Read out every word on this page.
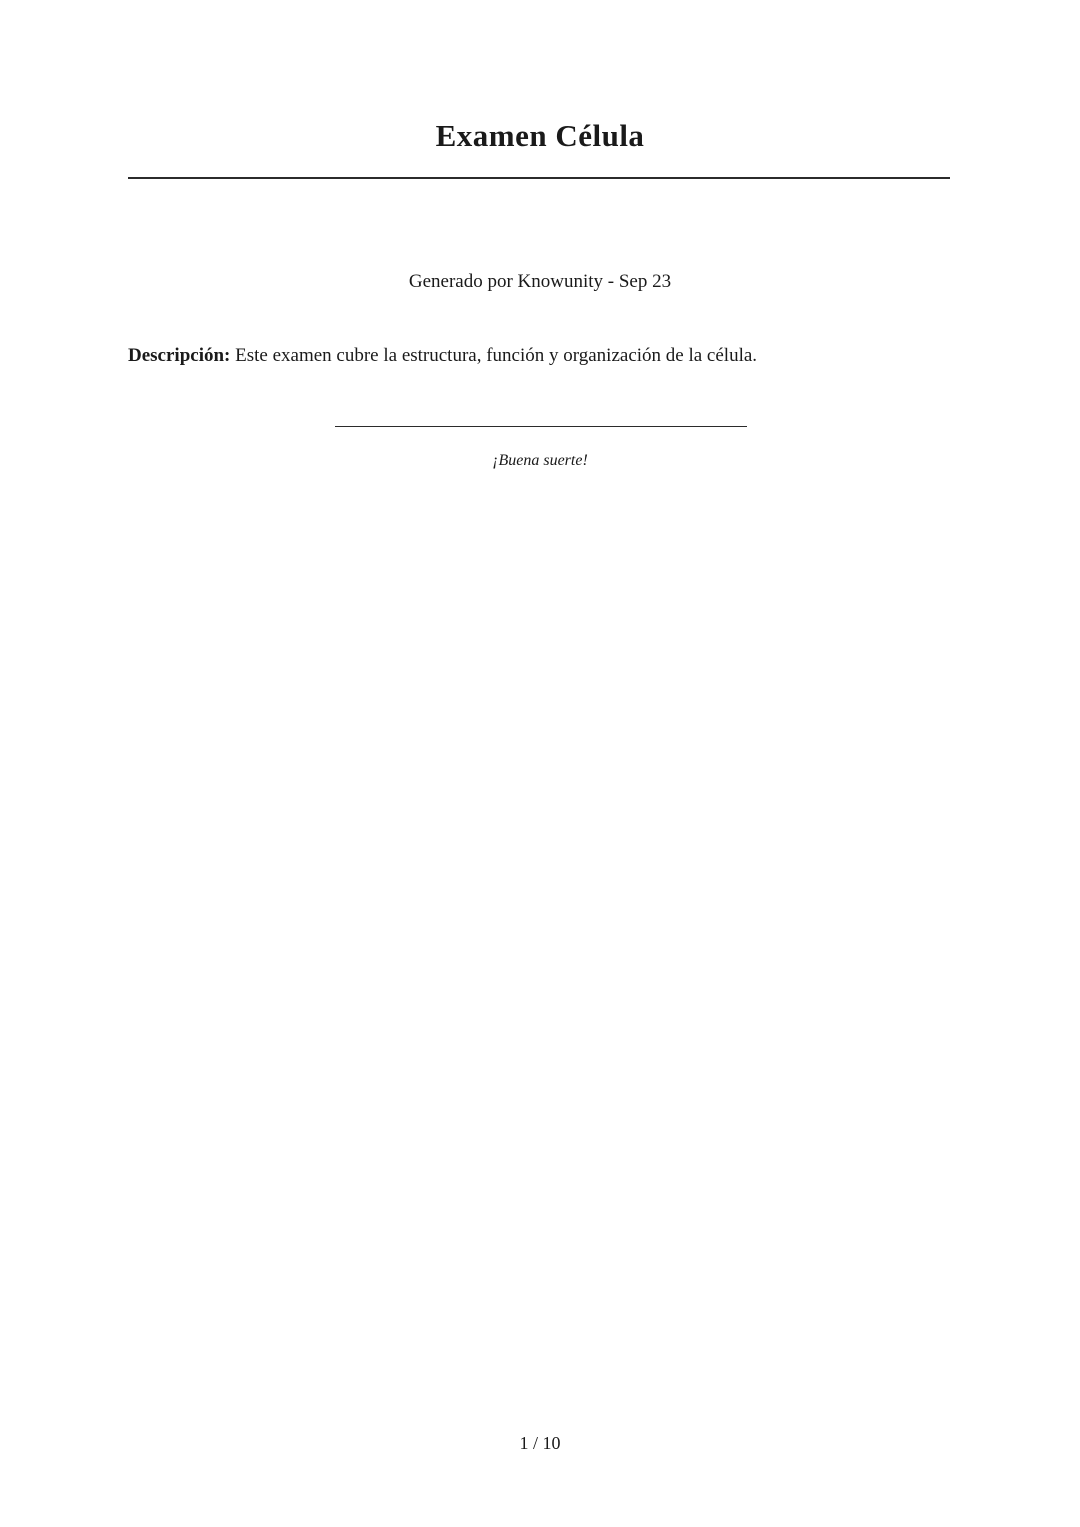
Examen Célula

Generado por Knowunity - Sep 23

Descripción: Este examen cubre la estructura, función y organización de la célula.

¡Buena suerte!

1 / 10
